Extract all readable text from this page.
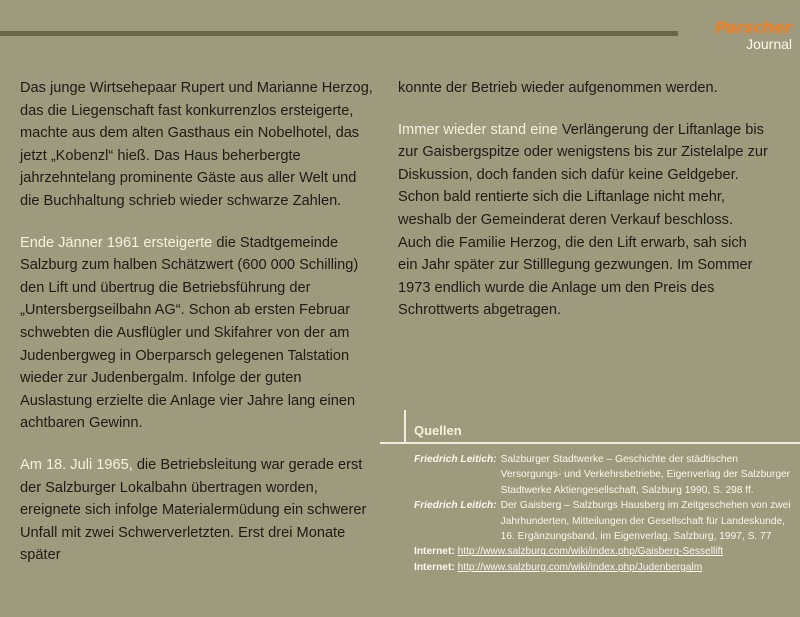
Parscher
Journal

Das junge Wirtsehepaar Rupert und Marianne Herzog, das die Liegenschaft fast konkurrenzlos ersteigerte, machte aus dem alten Gasthaus ein Nobelhotel, das jetzt „Kobenzl“ hieß. Das Haus beherbergte jahrzehntelang prominente Gäste aus aller Welt und die Buchhaltung schrieb wieder schwarze Zahlen.

Ende Jänner 1961 ersteigerte die Stadtgemeinde Salzburg zum halben Schätzwert (600 000 Schilling) den Lift und übertrug die Betriebsführung der „Untersbergseilbahn AG“. Schon ab ersten Februar schwebten die Ausflügler und Skifahrer von der am Judenbergweg in Oberparsch gelegenen Talstation wieder zur Judenbergalm. Infolge der guten Auslastung erzielte die Anlage vier Jahre lang einen achtbaren Gewinn.

Am 18. Juli 1965, die Betriebsleitung war gerade erst der Salzburger Lokalbahn übertragen worden, ereignete sich infolge Materialermüdung ein schwerer Unfall mit zwei Schwerverletzten. Erst drei Monate später

konnte der Betrieb wieder aufgenommen werden.

Immer wieder stand eine Verlängerung der Liftanlage bis zur Gaisbergspitze oder wenigstens bis zur Zistelalpe zur Diskussion, doch fanden sich dafür keine Geldgeber. Schon bald rentierte sich die Liftanlage nicht mehr, weshalb der Gemeinderat deren Verkauf beschloss. Auch die Familie Herzog, die den Lift erwarb, sah sich ein Jahr später zur Stilllegung gezwungen. Im Sommer 1973 endlich wurde die Anlage um den Preis des Schrottwerts abgetragen.

Quellen
Friedrich Leitich: Salzburger Stadtwerke – Geschichte der städtischen Versorgungs- und Verkehrsbetriebe, Eigenverlag der Salzburger Stadtwerke Aktiengesellschaft, Salzburg 1990, S. 298 ff.
Friedrich Leitich: Der Gaisberg – Salzburgs Hausberg im Zeitgeschehen von zwei Jahrhunderten, Mitteilungen der Gesellschaft für Landeskunde, 16. Ergänzungsband, im Eigenverlag, Salzburg, 1997, S. 77
Internet: http://www.salzburg.com/wiki/index.php/Gaisberg-Sessellift
Internet: http://www.salzburg.com/wiki/index.php/Judenbergalm
